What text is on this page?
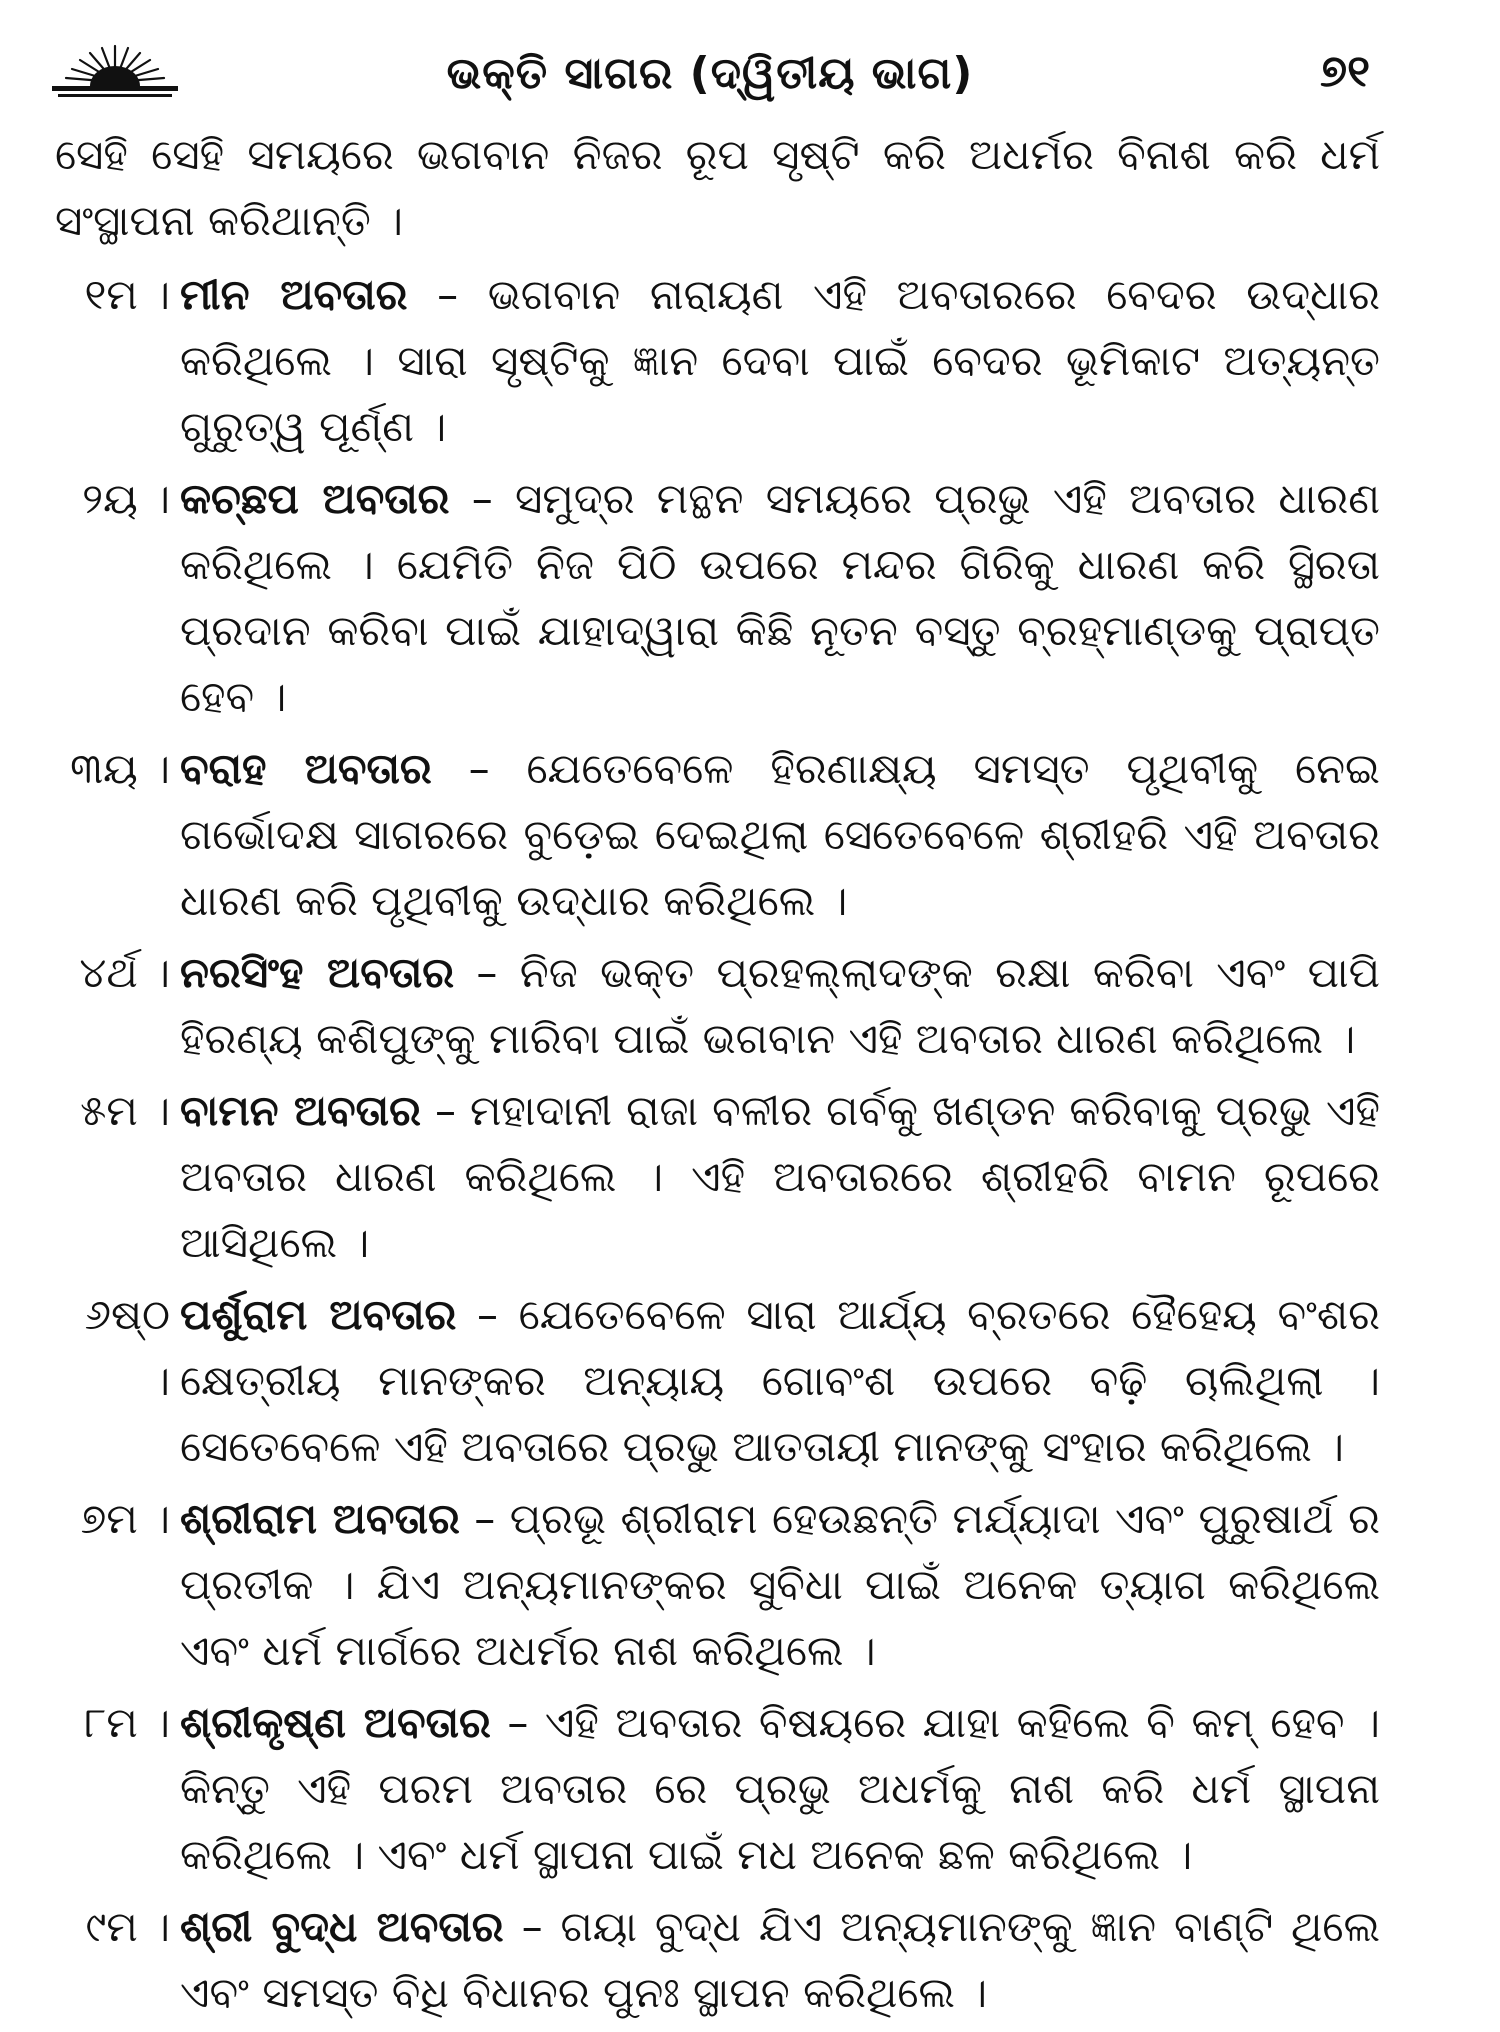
ଭକ୍ତି ସାଗର (ଦ୍ୱିତୀୟ ଭାଗ)	୭୧

ସେହି ସେହି ସମୟରେ ଭଗବାନ ନିଜର ରୂପ ସୃଷ୍ଟି କରି ଅଧର୍ମର ବିନାଶ କରି ଧର୍ମ ସଂସ୍ଥାପନା କରିଥାନ୍ତି ।

୧ମ । ମୀନ ଅବତାର – ଭଗବାନ ନାରାୟଣ ଏହି ଅବତାରରେ ବେଦର ଉଦ୍ଧାର କରିଥିଲେ । ସାରା ସୃଷ୍ଟିକୁ ଜ୍ଞାନ ଦେବା ପାଇଁ ବେଦର ଭୂମିକାଟ ଅତ୍ୟନ୍ତ ଗୁରୁତ୍ୱ ପୂର୍ଣ୍ଣ ।
୨ୟ । କଚ୍ଛପ ଅବତାର – ସମୁଦ୍ର ମନ୍ଥନ ସମୟରେ ପ୍ରଭୁ ଏହି ଅବତାର ଧାରଣ କରିଥିଲେ । ଯେମିତି ନିଜ ପିଠି ଉପରେ ମନ୍ଦର ଗିରିକୁ ଧାରଣ କରି ସ୍ଥିରତା ପ୍ରଦାନ କରିବା ପାଇଁ ଯାହାଦ୍ୱାରା କିଛି ନୂତନ ବସ୍ତୁ ବ୍ରହ୍ମାଣ୍ଡକୁ ପ୍ରାପ୍ତ ହେବ ।
୩ୟ । ବରାହ ଅବତାର – ଯେତେବେଳେ ହିରଣାକ୍ଷ୍ୟ ସମସ୍ତ ପୃଥିବୀକୁ ନେଇ ଗର୍ଭୋଦକ୍ଷ ସାଗରରେ ବୁଡ଼େଇ ଦେଇଥିଲା ସେତେବେଳେ ଶ୍ରୀହରି ଏହି ଅବତାର ଧାରଣ କରି ପୃଥିବୀକୁ ଉଦ୍ଧାର କରିଥିଲେ ।
୪ର୍ଥ । ନରସିଂହ ଅବତାର – ନିଜ ଭକ୍ତ ପ୍ରହଲ୍ଲାଦଙ୍କ ରକ୍ଷା କରିବା ଏବଂ ପାପି ହିରଣ୍ୟ କଶିପୁଙ୍କୁ ମାରିବା ପାଇଁ ଭଗବାନ ଏହି ଅବତାର ଧାରଣ କରିଥିଲେ ।
୫ମ । ବାମନ ଅବତାର – ମହାଦାନୀ ରାଜା ବଳୀର ଗର୍ବକୁ ଖଣ୍ଡନ କରିବାକୁ ପ୍ରଭୁ ଏହି ଅବତାର ଧାରଣ କରିଥିଲେ । ଏହି ଅବତାରରେ ଶ୍ରୀହରି ବାମନ ରୂପରେ ଆସିଥିଲେ ।
୬ଷ୍ଠ ।
ପର୍ଶୁରାମ ଅବତାର – ଯେତେବେଳେ ସାରା ଆର୍ଯ୍ୟ ବ୍ରତରେ ହୈହେୟ ବଂଶର କ୍ଷେତ୍ରୀୟ ମାନଙ୍କର ଅନ୍ୟାୟ ଗୋବଂଶ ଉପରେ ବଢ଼ି ଚାଲିଥିଲା । ସେତେବେଳେ ଏହି ଅବତାରେ ପ୍ରଭୁ ଆତତାୟୀ ମାନଙ୍କୁ ସଂହାର କରିଥିଲେ ।
୭ମ । ଶ୍ରୀରାମ ଅବତାର – ପ୍ରଭୂ ଶ୍ରୀରାମ ହେଉଛନ୍ତି ମର୍ଯ୍ୟାଦା ଏବଂ ପୁରୁଷାର୍ଥ ର ପ୍ରତୀକ । ଯିଏ ଅନ୍ୟମାନଙ୍କର ସୁବିଧା ପାଇଁ ଅନେକ ତ୍ୟାଗ କରିଥିଲେ ଏବଂ ଧର୍ମ ମାର୍ଗରେ ଅଧର୍ମର ନାଶ କରିଥିଲେ ।
୮ମ । ଶ୍ରୀକୃଷ୍ଣ ଅବତାର – ଏହି ଅବତାର ବିଷୟରେ ଯାହା କହିଲେ ବି କମ୍ ହେବ । କିନ୍ତୁ ଏହି ପରମ ଅବତାର ରେ ପ୍ରଭୁ ଅଧର୍ମକୁ ନାଶ କରି ଧର୍ମ ସ୍ଥାପନା କରିଥିଲେ । ଏବଂ ଧର୍ମ ସ୍ଥାପନା ପାଇଁ ମଧ ଅନେକ ଛଳ କରିଥିଲେ ।
୯ମ । ଶ୍ରୀ ବୁଦ୍ଧ ଅବତାର – ଗୟା ବୁଦ୍ଧ ଯିଏ ଅନ୍ୟମାନଙ୍କୁ ଜ୍ଞାନ ବାଣ୍ଟି ଥିଲେ ଏବଂ ସମସ୍ତ ବିଧି ବିଧାନର ପୁନଃ ସ୍ଥାପନ କରିଥିଲେ ।
